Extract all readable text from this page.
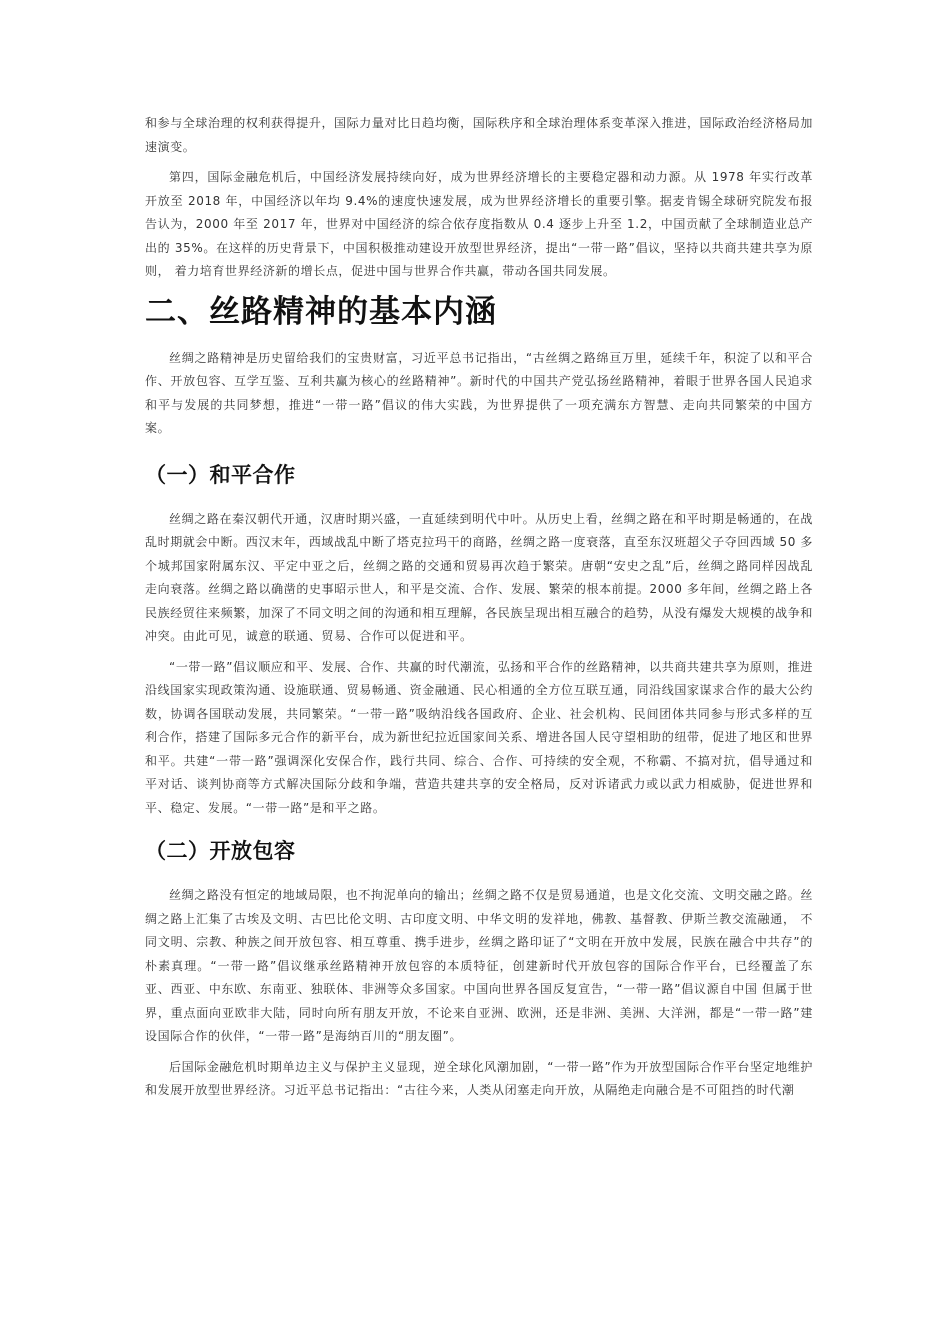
和参与全球治理的权利获得提升，国际力量对比日趋均衡，国际秩序和全球治理体系变革深入推进，国际政治经济格局加速演变。

第四，国际金融危机后，中国经济发展持续向好，成为世界经济增长的主要稳定器和动力源。从 1978 年实行改革开放至 2018 年，中国经济以年均 9.4%的速度快速发展，成为世界经济增长的重要引擎。据麦肯锡全球研究院发布报告认为，2000 年至 2017 年，世界对中国经济的综合依存度指数从 0.4 逐步上升至 1.2，中国贡献了全球制造业总产出的 35%。在这样的历史背景下，中国积极推动建设开放型世界经济，提出“一带一路”倡议，坚持以共商共建共享为原则， 着力培育世界经济新的增长点，促进中国与世界合作共赢，带动各国共同发展。

二、丝路精神的基本内涵

丝绸之路精神是历史留给我们的宝贵财富，习近平总书记指出，“古丝绸之路绵亘万里，延续千年，积淀了以和平合作、开放包容、互学互鉴、互利共赢为核心的丝路精神”。新时代的中国共产党弘扬丝路精神，着眼于世界各国人民追求和平与发展的共同梦想，推进“一带一路”倡议的伟大实践，为世界提供了一项充满东方智慧、走向共同繁荣的中国方案。

（一）和平合作

丝绸之路在秦汉朝代开通，汉唐时期兴盛，一直延续到明代中叶。从历史上看，丝绸之路在和平时期是畅通的，在战乱时期就会中断。西汉末年，西域战乱中断了塔克拉玛干的商路，丝绸之路一度衰落，直至东汉班超父子夺回西域 50 多个城邦国家附属东汉、平定中亚之后，丝绸之路的交通和贸易再次趋于繁荣。唐朝“安史之乱”后，丝绸之路同样因战乱走向衰落。丝绸之路以确凿的史事昭示世人，和平是交流、合作、发展、繁荣的根本前提。2000 多年间，丝绸之路上各民族经贸往来频繁，加深了不同文明之间的沟通和相互理解，各民族呈现出相互融合的趋势，从没有爆发大规模的战争和冲突。由此可见，诚意的联通、贸易、合作可以促进和平。

“一带一路”倡议顺应和平、发展、合作、共赢的时代潮流，弘扬和平合作的丝路精神，以共商共建共享为原则，推进沿线国家实现政策沟通、设施联通、贸易畅通、资金融通、民心相通的全方位互联互通，同沿线国家谋求合作的最大公约数，协调各国联动发展，共同繁荣。“一带一路”吸纳沿线各国政府、企业、社会机构、民间团体共同参与形式多样的互利合作，搭建了国际多元合作的新平台，成为新世纪拉近国家间关系、增进各国人民守望相助的纽带，促进了地区和世界和平。共建“一带一路”强调深化安保合作，践行共同、综合、合作、可持续的安全观，不称霸、不搞对抗，倡导通过和平对话、谈判协商等方式解决国际分歧和争端，营造共建共享的安全格局，反对诉诸武力或以武力相威胁，促进世界和平、稳定、发展。“一带一路”是和平之路。

（二）开放包容

丝绸之路没有恒定的地域局限，也不拘泥单向的输出；丝绸之路不仅是贸易通道，也是文化交流、文明交融之路。丝绸之路上汇集了古埃及文明、古巴比伦文明、古印度文明、中华文明的发祥地，佛教、基督教、伊斯兰教交流融通， 不同文明、宗教、种族之间开放包容、相互尊重、携手进步，丝绸之路印证了“文明在开放中发展，民族在融合中共存”的朴素真理。“一带一路”倡议继承丝路精神开放包容的本质特征，创建新时代开放包容的国际合作平台，已经覆盖了东亚、西亚、中东欧、东南亚、独联体、非洲等众多国家。中国向世界各国反复宣告，“一带一路”倡议源自中国 但属于世界，重点面向亚欧非大陆，同时向所有朋友开放，不论来自亚洲、欧洲，还是非洲、美洲、大洋洲，都是“一带一路”建设国际合作的伙伴，“一带一路”是海纳百川的“朋友圈”。

后国际金融危机时期单边主义与保护主义显现，逆全球化风潮加剧，“一带一路”作为开放型国际合作平台坚定地维护和发展开放型世界经济。习近平总书记指出：“古往今来，人类从闭塞走向开放，从隔绝走向融合是不可阻挡的时代潮
